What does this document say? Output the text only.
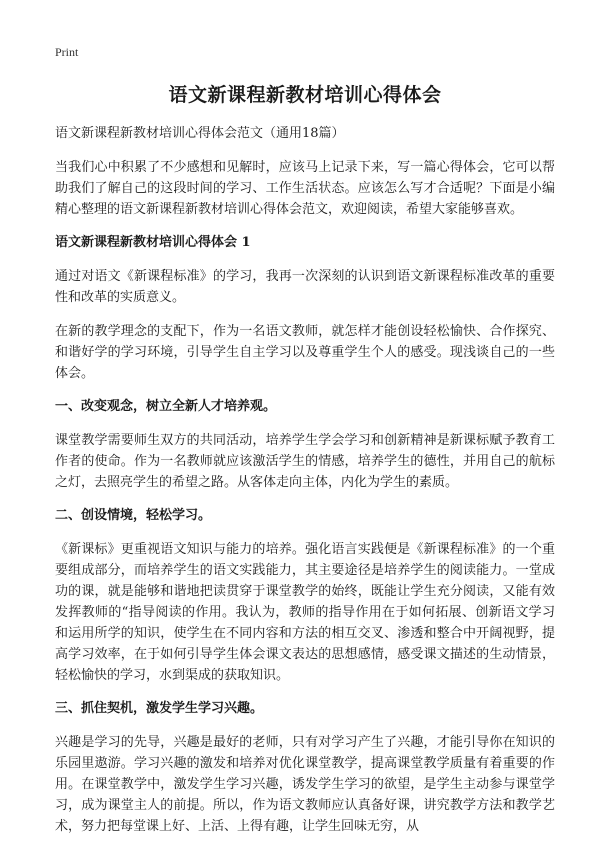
Print
语文新课程新教材培训心得体会
语文新课程新教材培训心得体会范文（通用18篇）

当我们心中积累了不少感想和见解时，应该马上记录下来，写一篇心得体会，它可以帮助我们了解自己的这段时间的学习、工作生活状态。应该怎么写才合适呢？下面是小编精心整理的语文新课程新教材培训心得体会范文，欢迎阅读，希望大家能够喜欢。

语文新课程新教材培训心得体会 1

通过对语文《新课程标准》的学习，我再一次深刻的认识到语文新课程标准改革的重要性和改革的实质意义。

在新的教学理念的支配下，作为一名语文教师，就怎样才能创设轻松愉快、合作探究、和谐好学的学习环境，引导学生自主学习以及尊重学生个人的感受。现浅谈自己的一些体会。

一、改变观念，树立全新人才培养观。

课堂教学需要师生双方的共同活动，培养学生学会学习和创新精神是新课标赋予教育工作者的使命。作为一名教师就应该激活学生的情感，培养学生的德性，并用自己的航标之灯，去照亮学生的希望之路。从客体走向主体，内化为学生的素质。

二、创设情境，轻松学习。

《新课标》更重视语文知识与能力的培养。强化语言实践便是《新课程标准》的一个重要组成部分，而培养学生的语文实践能力，其主要途径是培养学生的阅读能力。一堂成功的课，就是能够和谐地把读贯穿于课堂教学的始终，既能让学生充分阅读，又能有效发挥教师的“指导阅读的作用。我认为，教师的指导作用在于如何拓展、创新语文学习和运用所学的知识，使学生在不同内容和方法的相互交叉、渗透和整合中开阔视野，提高学习效率，在于如何引导学生体会课文表达的思想感情，感受课文描述的生动情景，轻松愉快的学习，水到渠成的获取知识。

三、抓住契机，激发学生学习兴趣。

兴趣是学习的先导，兴趣是最好的老师，只有对学习产生了兴趣，才能引导你在知识的乐园里遨游。学习兴趣的激发和培养对优化课堂教学，提高课堂教学质量有着重要的作用。在课堂教学中，激发学生学习兴趣，诱发学生学习的欲望，是学生主动参与课堂学习，成为课堂主人的前提。所以，作为语文教师应认真备好课，讲究教学方法和教学艺术，努力把每堂课上好、上活、上得有趣，让学生回味无穷，从
